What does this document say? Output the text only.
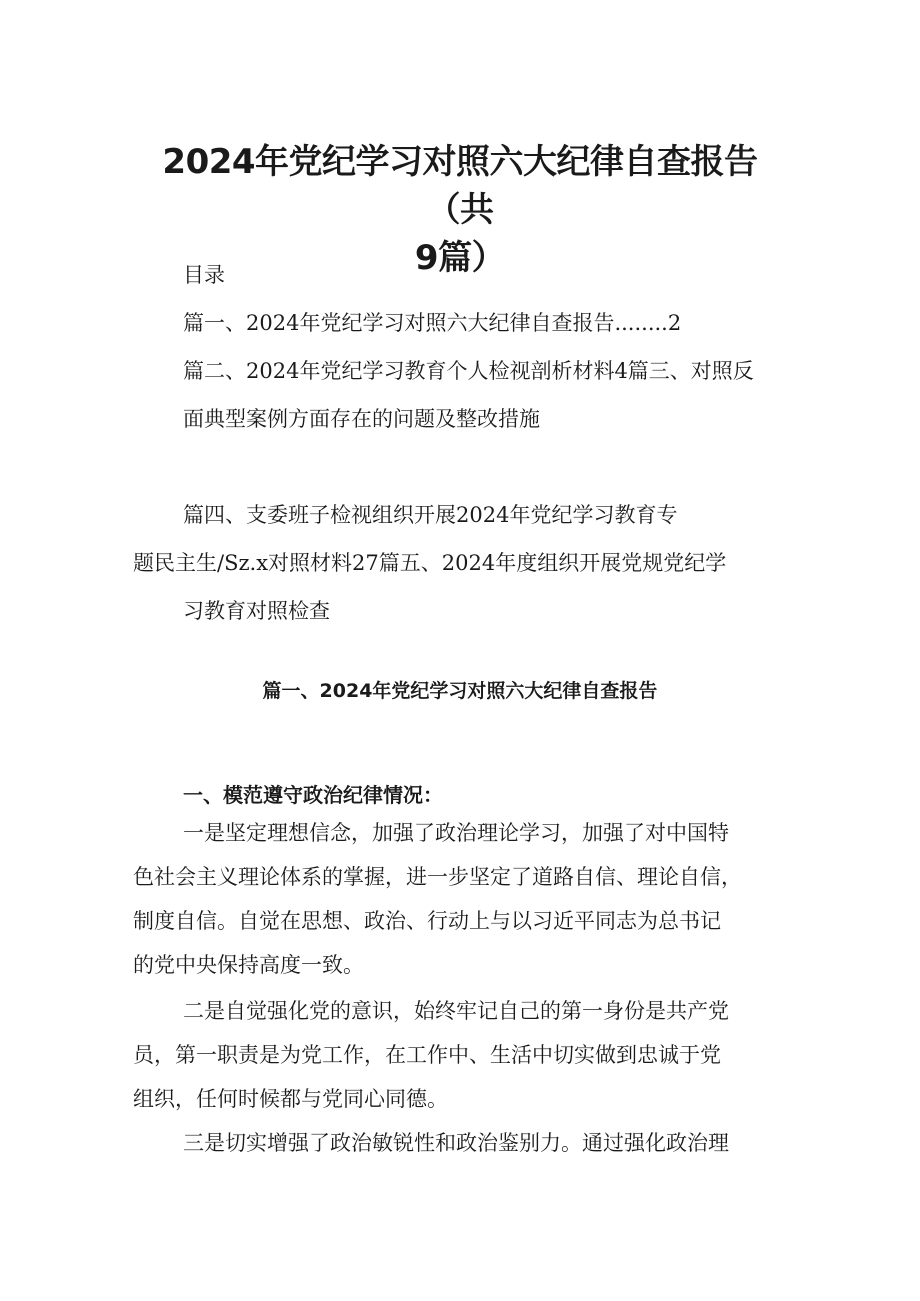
2024年党纪学习对照六大纪律自查报告（共
9篇）

目录

篇一、2024年党纪学习对照六大纪律自查报告........2

篇二、2024年党纪学习教育个人检视剖析材料4篇三、对照反

面典型案例方面存在的问题及整改措施

篇四、支委班子检视组织开展2024年党纪学习教育专

题民主生/Sz.x对照材料27篇五、2024年度组织开展党规党纪学

习教育对照检查

篇一、2024年党纪学习对照六大纪律自查报告
一、模范遵守政治纪律情况：

一是坚定理想信念，加强了政治理论学习，加强了对中国特

色社会主义理论体系的掌握，进一步坚定了道路自信、理论自信，

制度自信。自觉在思想、政治、行动上与以习近平同志为总书记

的党中央保持高度一致。

二是自觉强化党的意识，始终牢记自己的第一身份是共产党

员，第一职责是为党工作，在工作中、生活中切实做到忠诚于党

组织，任何时候都与党同心同德。

三是切实增强了政治敏锐性和政治鉴别力。通过强化政治理
